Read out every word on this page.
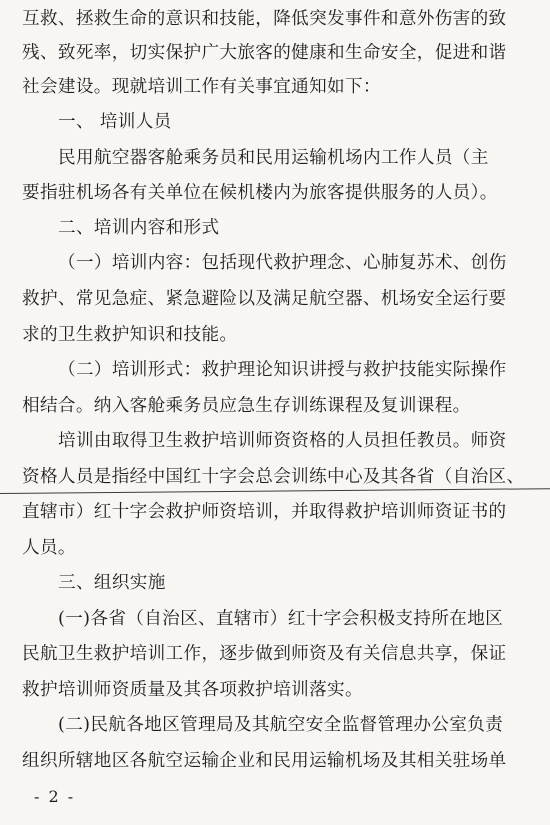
互救、拯救生命的意识和技能，降低突发事件和意外伤害的致
残、致死率，切实保护广大旅客的健康和生命安全，促进和谐
社会建设。现就培训工作有关事宜通知如下：
一、 培训人员
民用航空器客舱乘务员和民用运输机场内工作人员（主
要指驻机场各有关单位在候机楼内为旅客提供服务的人员）。
二、培训内容和形式
（一）培训内容：包括现代救护理念、心肺复苏术、创伤
救护、常见急症、紧急避险以及满足航空器、机场安全运行要
求的卫生救护知识和技能。
（二）培训形式：救护理论知识讲授与救护技能实际操作
相结合。纳入客舱乘务员应急生存训练课程及复训课程。
培训由取得卫生救护培训师资资格的人员担任教员。师资
资格人员是指经中国红十字会总会训练中心及其各省（自治区、
直辖市）红十字会救护师资培训，并取得救护培训师资证书的
人员。
三、组织实施
(一)各省（自治区、直辖市）红十字会积极支持所在地区
民航卫生救护培训工作，逐步做到师资及有关信息共享，保证
救护培训师资质量及其各项救护培训落实。
(二)民航各地区管理局及其航空安全监督管理办公室负责
组织所辖地区各航空运输企业和民用运输机场及其相关驻场单
- 2 -
